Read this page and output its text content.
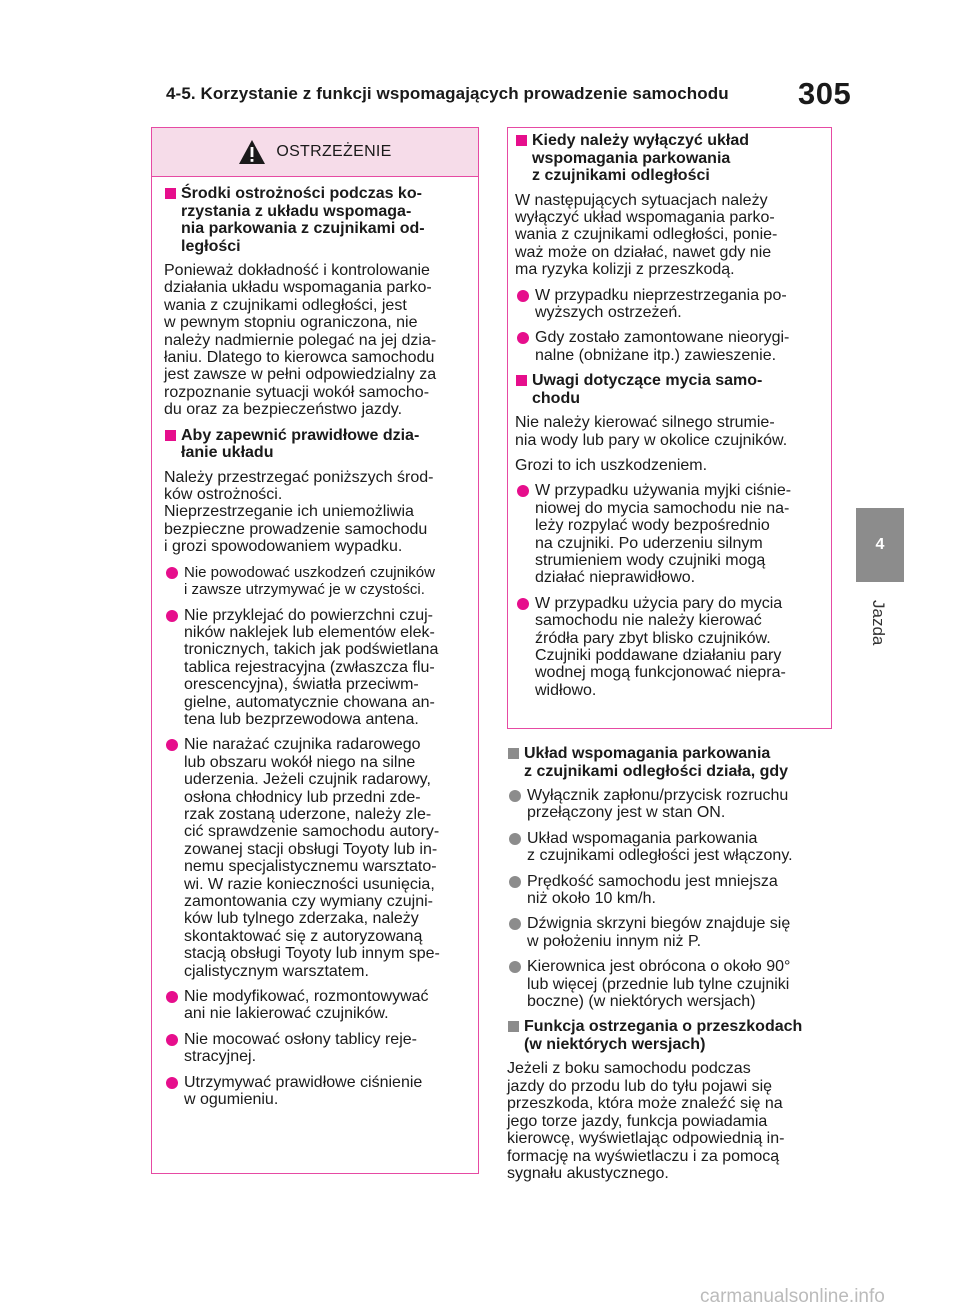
4-5. Korzystanie z funkcji wspomagających prowadzenie samochodu 305
4
Jazda
OSTRZEŻENIE
Środki ostrożności podczas ko-
rzystania z układu wspomaga-
nia parkowania z czujnikami od-
ległości
Ponieważ dokładność i kontrolowanie
działania układu wspomagania parko-
wania z czujnikami odległości, jest
w pewnym stopniu ograniczona, nie
należy nadmiernie polegać na jej dzia-
łaniu. Dlatego to kierowca samochodu
jest zawsze w pełni odpowiedzialny za
rozpoznanie sytuacji wokół samocho-
du oraz za bezpieczeństwo jazdy.
Aby zapewnić prawidłowe dzia-
łanie układu
Należy przestrzegać poniższych środ-
ków ostrożności.
Nieprzestrzeganie ich uniemożliwia
bezpieczne prowadzenie samochodu
i grozi spowodowaniem wypadku.
Nie powodować uszkodzeń czujników
i zawsze utrzymywać je w czystości.
Nie przyklejać do powierzchni czuj-
ników naklejek lub elementów elek-
tronicznych, takich jak podświetlana
tablica rejestracyjna (zwłaszcza flu-
orescencyjna), światła przeciwm-
gielne, automatycznie chowana an-
tena lub bezprzewodowa antena.
Nie narażać czujnika radarowego
lub obszaru wokół niego na silne
uderzenia. Jeżeli czujnik radarowy,
osłona chłodnicy lub przedni zde-
rzak zostaną uderzone, należy zle-
cić sprawdzenie samochodu autory-
zowanej stacji obsługi Toyoty lub in-
nemu specjalistycznemu warsztato-
wi. W razie konieczności usunięcia,
zamontowania czy wymiany czujni-
ków lub tylnego zderzaka, należy
skontaktować się z autoryzowaną
stacją obsługi Toyoty lub innym spe-
cjalistycznym warsztatem.
Nie modyfikować, rozmontowywać
ani nie lakierować czujników.
Nie mocować osłony tablicy reje-
stracyjnej.
Utrzymywać prawidłowe ciśnienie
w ogumieniu.
Kiedy należy wyłączyć układ
wspomagania parkowania
z czujnikami odległości
W następujących sytuacjach należy
wyłączyć układ wspomagania parko-
wania z czujnikami odległości, ponie-
waż może on działać, nawet gdy nie
ma ryzyka kolizji z przeszkodą.
W przypadku nieprzestrzegania po-
wyższych ostrzeżeń.
Gdy zostało zamontowane nieorygi-
nalne (obniżane itp.) zawieszenie.
Uwagi dotyczące mycia samo-
chodu
Nie należy kierować silnego strumie-
nia wody lub pary w okolice czujników.
Grozi to ich uszkodzeniem.
W przypadku używania myjki ciśnie-
niowej do mycia samochodu nie na-
leży rozpylać wody bezpośrednio
na czujniki. Po uderzeniu silnym
strumieniem wody czujniki mogą
działać nieprawidłowo.
W przypadku użycia pary do mycia
samochodu nie należy kierować
źródła pary zbyt blisko czujników.
Czujniki poddawane działaniu pary
wodnej mogą funkcjonować niepra-
widłowo.
Układ wspomagania parkowania
z czujnikami odległości działa, gdy
Wyłącznik zapłonu/przycisk rozruchu
przełączony jest w stan ON.
Układ wspomagania parkowania
z czujnikami odległości jest włączony.
Prędkość samochodu jest mniejsza
niż około 10 km/h.
Dźwignia skrzyni biegów znajduje się
w położeniu innym niż P.
Kierownica jest obrócona o około 90°
lub więcej (przednie lub tylne czujniki
boczne) (w niektórych wersjach)
Funkcja ostrzegania o przeszkodach
(w niektórych wersjach)
Jeżeli z boku samochodu podczas
jazdy do przodu lub do tyłu pojawi się
przeszkoda, która może znaleźć się na
jego torze jazdy, funkcja powiadamia
kierowcę, wyświetlając odpowiednią in-
formację na wyświetlaczu i za pomocą
sygnału akustycznego.
carmanualsonline.info
